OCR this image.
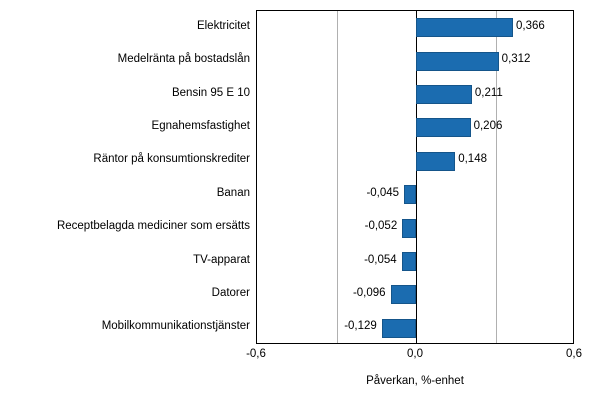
Påverkan, %-enhet
Elektricitet	0,366
Medelränta på bostadslån	0,312
Bensin 95 E 10	0,211
Egnahemsfastighet	0,206
Räntor på konsumtionskrediter	0,148
Banan	-0,045
Receptbelagda mediciner som ersätts	-0,052
TV-apparat	-0,054
Datorer	-0,096
Mobilkommunikationstjänster	-0,129
-0,6	0,0	0,6
